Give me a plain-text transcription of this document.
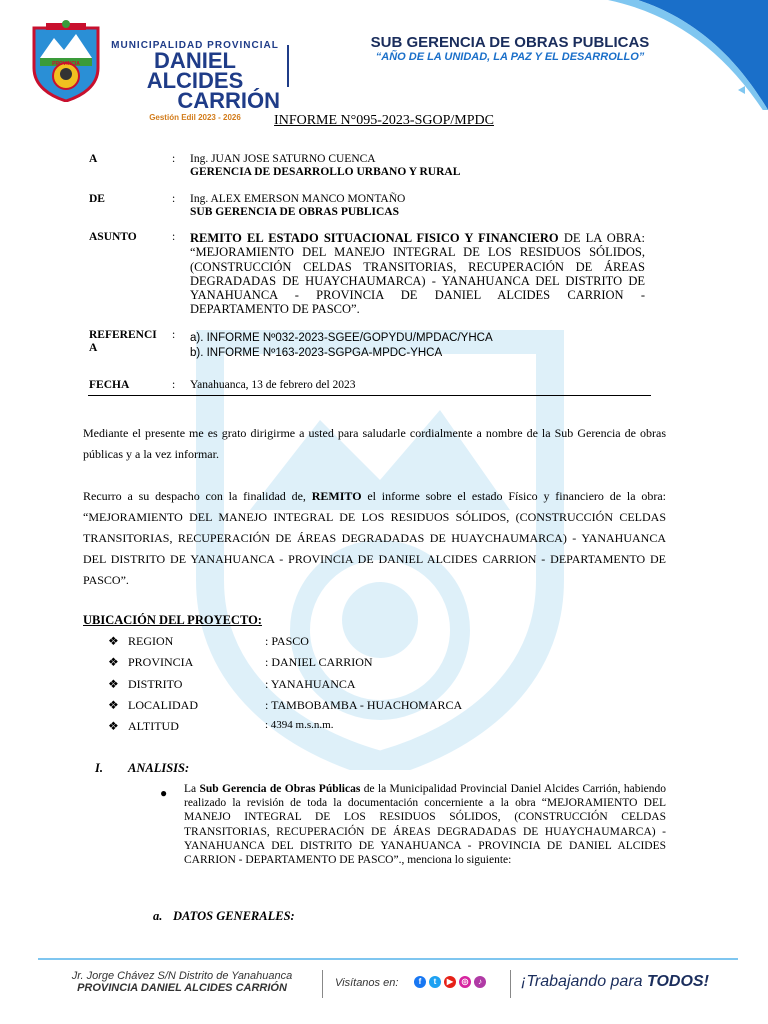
PROVINCIA
MUNICIPALIDAD PROVINCIAL
DANIEL ALCIDES
CARRIÓN
Gestión Edil 2023 - 2026
SUB GERENCIA DE OBRAS PUBLICAS
“AÑO DE LA UNIDAD, LA PAZ Y EL DESARROLLO”
INFORME N°095-2023-SGOP/MPDC
A	: Ing. JUAN JOSE SATURNO CUENCA
GERENCIA DE DESARROLLO URBANO Y RURAL
DE	: Ing. ALEX EMERSON MANCO MONTAÑO
SUB GERENCIA DE OBRAS PUBLICAS
ASUNTO	: REMITO EL ESTADO SITUACIONAL FISICO Y FINANCIERO DE LA OBRA: “MEJORAMIENTO DEL MANEJO INTEGRAL DE LOS RESIDUOS SÓLIDOS, (CONSTRUCCIÓN CELDAS TRANSITORIAS, RECUPERACIÓN DE ÁREAS DEGRADADAS DE HUAYCHAUMARCA) - YANAHUANCA DEL DISTRITO DE YANAHUANCA - PROVINCIA DE DANIEL ALCIDES CARRION - DEPARTAMENTO DE PASCO”.
REFERENCI
A
: a). INFORME Nº032-2023-SGEE/GOPYDU/MPDAC/YHCA
b). INFORME Nº163-2023-SGPGA-MPDC-YHCA
FECHA	: Yanahuanca, 13 de febrero del 2023
Mediante el presente me es grato dirigirme a usted para saludarle cordialmente a nombre de la Sub Gerencia de obras públicas y a la vez informar.
Recurro a su despacho con la finalidad de, REMITO el informe sobre el estado Físico y financiero de la obra: “MEJORAMIENTO DEL MANEJO INTEGRAL DE LOS RESIDUOS SÓLIDOS, (CONSTRUCCIÓN CELDAS TRANSITORIAS, RECUPERACIÓN DE ÁREAS DEGRADADAS DE HUAYCHAUMARCA) - YANAHUANCA DEL DISTRITO DE YANAHUANCA - PROVINCIA DE DANIEL ALCIDES CARRION - DEPARTAMENTO DE PASCO”.
UBICACIÓN DEL PROYECTO:
❖ REGION	: PASCO
❖ PROVINCIA	: DANIEL CARRION
❖ DISTRITO	: YANAHUANCA
❖ LOCALIDAD	: TAMBOBAMBA - HUACHOMARCA
❖ ALTITUD	: 4394 m.s.n.m.
I. ANALISIS:
● La Sub Gerencia de Obras Públicas de la Municipalidad Provincial Daniel Alcides Carrión, habiendo realizado la revisión de toda la documentación concerniente a la obra “MEJORAMIENTO DEL MANEJO INTEGRAL DE LOS RESIDUOS SÓLIDOS, (CONSTRUCCIÓN CELDAS TRANSITORIAS, RECUPERACIÓN DE ÁREAS DEGRADADAS DE HUAYCHAUMARCA) - YANAHUANCA DEL DISTRITO DE YANAHUANCA - PROVINCIA DE DANIEL ALCIDES CARRION - DEPARTAMENTO DE PASCO”., menciona lo siguiente:
a. DATOS GENERALES:
Jr. Jorge Chávez S/N Distrito de Yanahuanca
PROVINCIA DANIEL ALCIDES CARRIÓN	Visítanos en:	f	t	▶	◎	♪ ¡Trabajando para TODOS!
